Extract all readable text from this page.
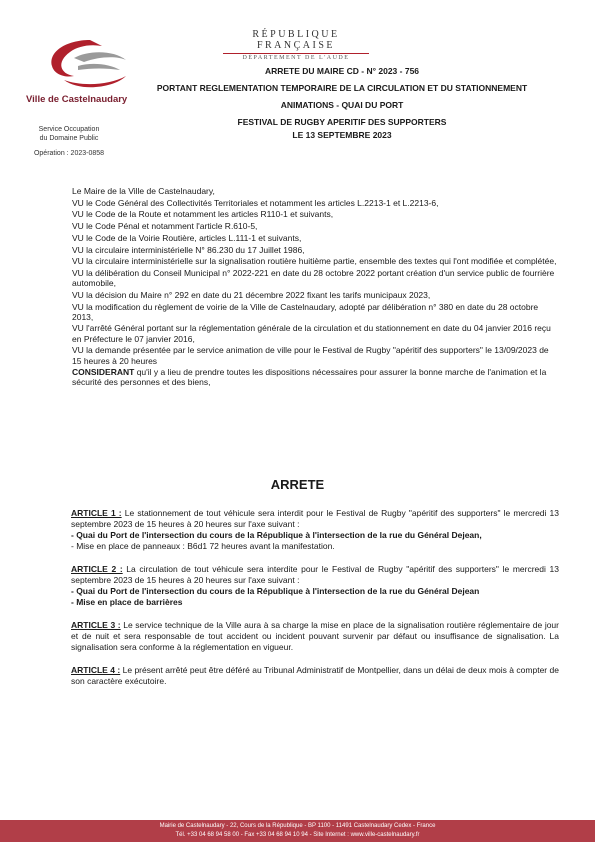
Ville de Castelnaudary
Service Occupation
du Domaine Public
Opération : 2023-0858
RÉPUBLIQUE FRANÇAISE
DÉPARTEMENT DE L'AUDE
ARRETE DU MAIRE CD - N° 2023 - 756
PORTANT REGLEMENTATION TEMPORAIRE DE LA CIRCULATION ET DU STATIONNEMENT
ANIMATIONS - QUAI DU PORT
FESTIVAL DE RUGBY APERITIF DES SUPPORTERS
LE 13 SEPTEMBRE 2023

Le Maire de la Ville de Castelnaudary,

VU le Code Général des Collectivités Territoriales et notamment les articles L.2213-1 et L.2213-6,

VU le Code de la Route et notamment les articles R110-1 et suivants,

VU le Code Pénal et notamment l'article R.610-5,

VU le Code de la Voirie Routière, articles L.111-1 et suivants,

VU la circulaire interministérielle N° 86.230 du 17 Juillet 1986,

VU la circulaire interministérielle sur la signalisation routière huitième partie, ensemble des textes qui l'ont modifiée et complétée,

VU la délibération du Conseil Municipal n° 2022-221 en date du 28 octobre 2022 portant création d'un service public de fourrière automobile,

VU la décision du Maire n° 292 en date du 21 décembre 2022 fixant les tarifs municipaux 2023,

VU la modification du règlement de voirie de la Ville de Castelnaudary, adopté par délibération n° 380 en date du 28 octobre 2013,

VU l'arrêté Général portant sur la réglementation générale de la circulation et du stationnement en date du 04 janvier 2016 reçu en Préfecture le 07 janvier 2016,

VU la demande présentée par le service animation de ville pour le Festival de Rugby "apéritif des supporters" le 13/09/2023 de 15 heures à 20 heures

CONSIDERANT qu'il y a lieu de prendre toutes les dispositions nécessaires pour assurer la bonne marche de l'animation et la sécurité des personnes et des biens,

ARRETE

ARTICLE 1 : Le stationnement de tout véhicule sera interdit pour le Festival de Rugby "apéritif des supporters" le mercredi 13 septembre 2023 de 15 heures à 20 heures sur l'axe suivant :

- Quai du Port de l'intersection du cours de la République à l'intersection de la rue du Général Dejean,

- Mise en place de panneaux : B6d1 72 heures avant la manifestation.

ARTICLE 2 : La circulation de tout véhicule sera interdite pour le Festival de Rugby "apéritif des supporters" le mercredi 13 septembre 2023 de 15 heures à 20 heures sur l'axe suivant :

- Quai du Port de l'intersection du cours de la République à l'intersection de la rue du Général Dejean

- Mise en place de barrières

ARTICLE 3 : Le service technique de la Ville aura à sa charge la mise en place de la signalisation routière réglementaire de jour et de nuit et sera responsable de tout accident ou incident pouvant survenir par défaut ou insuffisance de signalisation. La signalisation sera conforme à la réglementation en vigueur.

ARTICLE 4 : Le présent arrêté peut être déféré au Tribunal Administratif de Montpellier, dans un délai de deux mois à compter de son caractère exécutoire.

Mairie de Castelnaudary - 22, Cours de la République - BP 1100 - 11491 Castelnaudary Cedex - France
Tél. +33 04 68 94 58 00 - Fax +33 04 68 94 10 94 - Site Internet : www.ville-castelnaudary.fr
